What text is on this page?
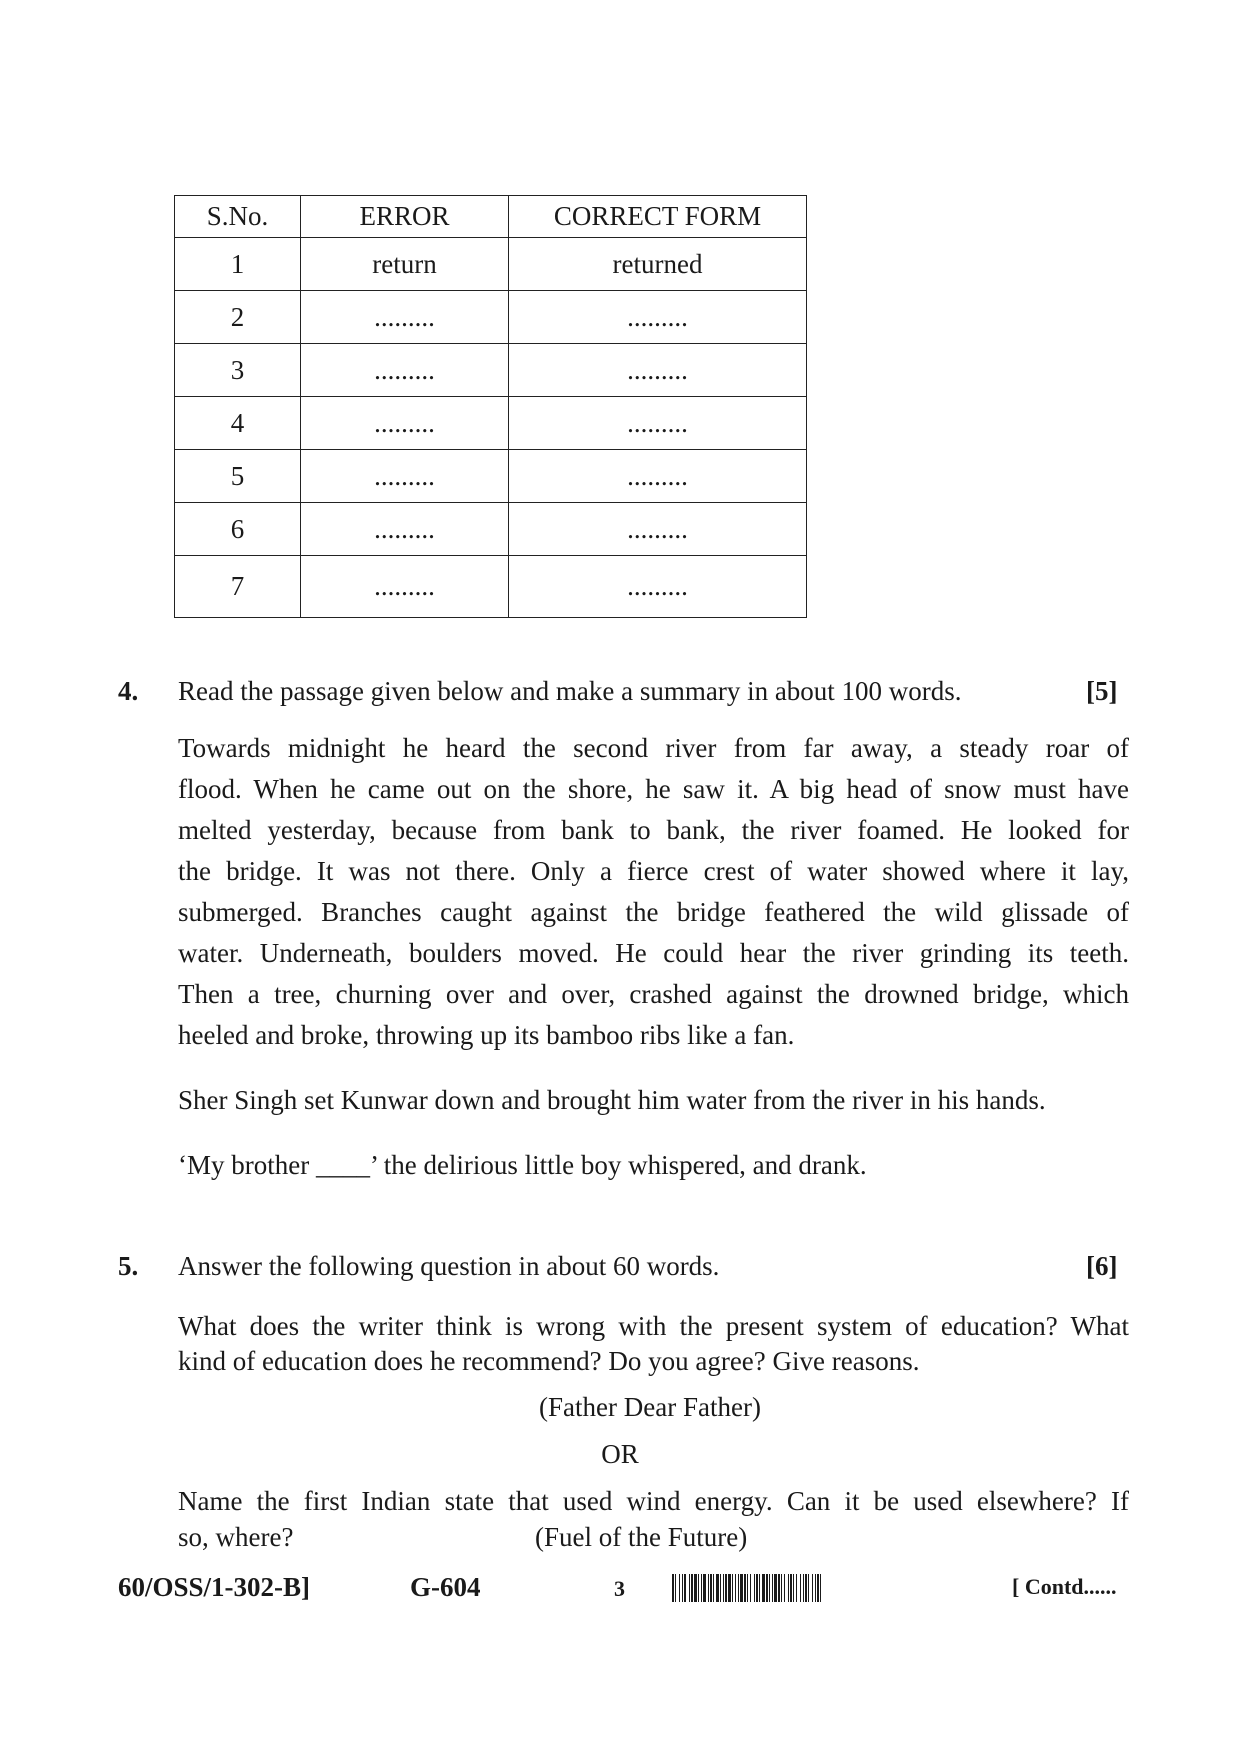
S.No.	ERROR	CORRECT FORM
1	return	returned
2	.........	.........
3	.........	.........
4	.........	.........
5	.........	.........
6	.........	.........
7	.........	.........
4. Read the passage given below and make a summary in about 100 words.	[5]
Towards midnight he heard the second river from far away, a steady roar of
flood. When he came out on the shore, he saw it. A big head of snow must have
melted yesterday, because from bank to bank, the river foamed. He looked for
the bridge. It was not there. Only a fierce crest of water showed where it lay,
submerged. Branches caught against the bridge feathered the wild glissade of
water. Underneath, boulders moved. He could hear the river grinding its teeth.
Then a tree, churning over and over, crashed against the drowned bridge, which
heeled and broke, throwing up its bamboo ribs like a fan.
Sher Singh set Kunwar down and brought him water from the river in his hands.
‘My brother ____’ the delirious little boy whispered, and drank.
5. Answer the following question in about 60 words.	[6]
What does the writer think is wrong with the present system of education? What
kind of education does he recommend? Do you agree? Give reasons.
(Father Dear Father)
OR
Name the first Indian state that used wind energy. Can it be used elsewhere? If
so, where?	(Fuel of the Future)
60/OSS/1-302-B]	G-604	3	[ Contd......
